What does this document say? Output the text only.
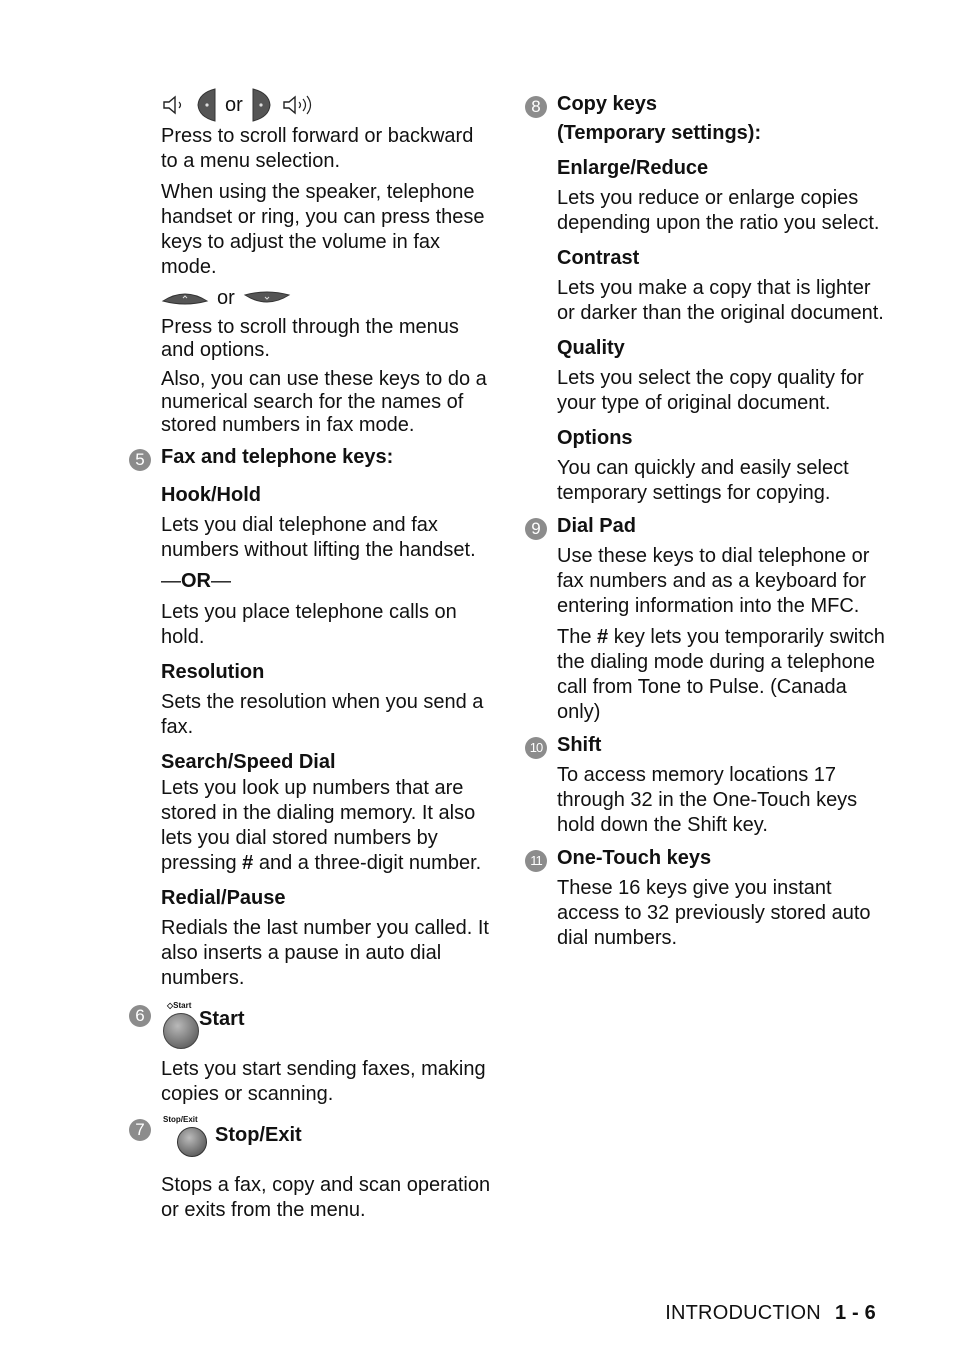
or

Press to scroll forward or backward to a menu selection.

When using the speaker, telephone handset or ring, you can press these keys to adjust the volume in fax mode.

or

Press to scroll through the menus and options.

Also, you can use these keys to do a numerical search for the names of stored numbers in fax mode.

5 Fax and telephone keys:

Hook/Hold

Lets you dial telephone and fax numbers without lifting the handset.

—OR—

Lets you place telephone calls on hold.

Resolution

Sets the resolution when you send a fax.

Search/Speed Dial

Lets you look up numbers that are stored in the dialing memory. It also lets you dial stored numbers by pressing # and a three-digit number.

Redial/Pause

Redials the last number you called. It also inserts a pause in auto dial numbers.

6
◇Start
Start

Lets you start sending faxes, making copies or scanning.

7
Stop/Exit
Stop/Exit

Stops a fax, copy and scan operation or exits from the menu.

8 Copy keys

(Temporary settings):

Enlarge/Reduce

Lets you reduce or enlarge copies depending upon the ratio you select.

Contrast

Lets you make a copy that is lighter or darker than the original document.

Quality

Lets you select the copy quality for your type of original document.

Options

You can quickly and easily select temporary settings for copying.

9 Dial Pad

Use these keys to dial telephone or fax numbers and as a keyboard for entering information into the MFC.

The # key lets you temporarily switch the dialing mode during a telephone call from Tone to Pulse. (Canada only)

10 Shift

To access memory locations 17 through 32 in the One-Touch keys hold down the Shift key.

11 One-Touch keys

These 16 keys give you instant access to 32 previously stored auto dial numbers.

INTRODUCTION 1 - 6
